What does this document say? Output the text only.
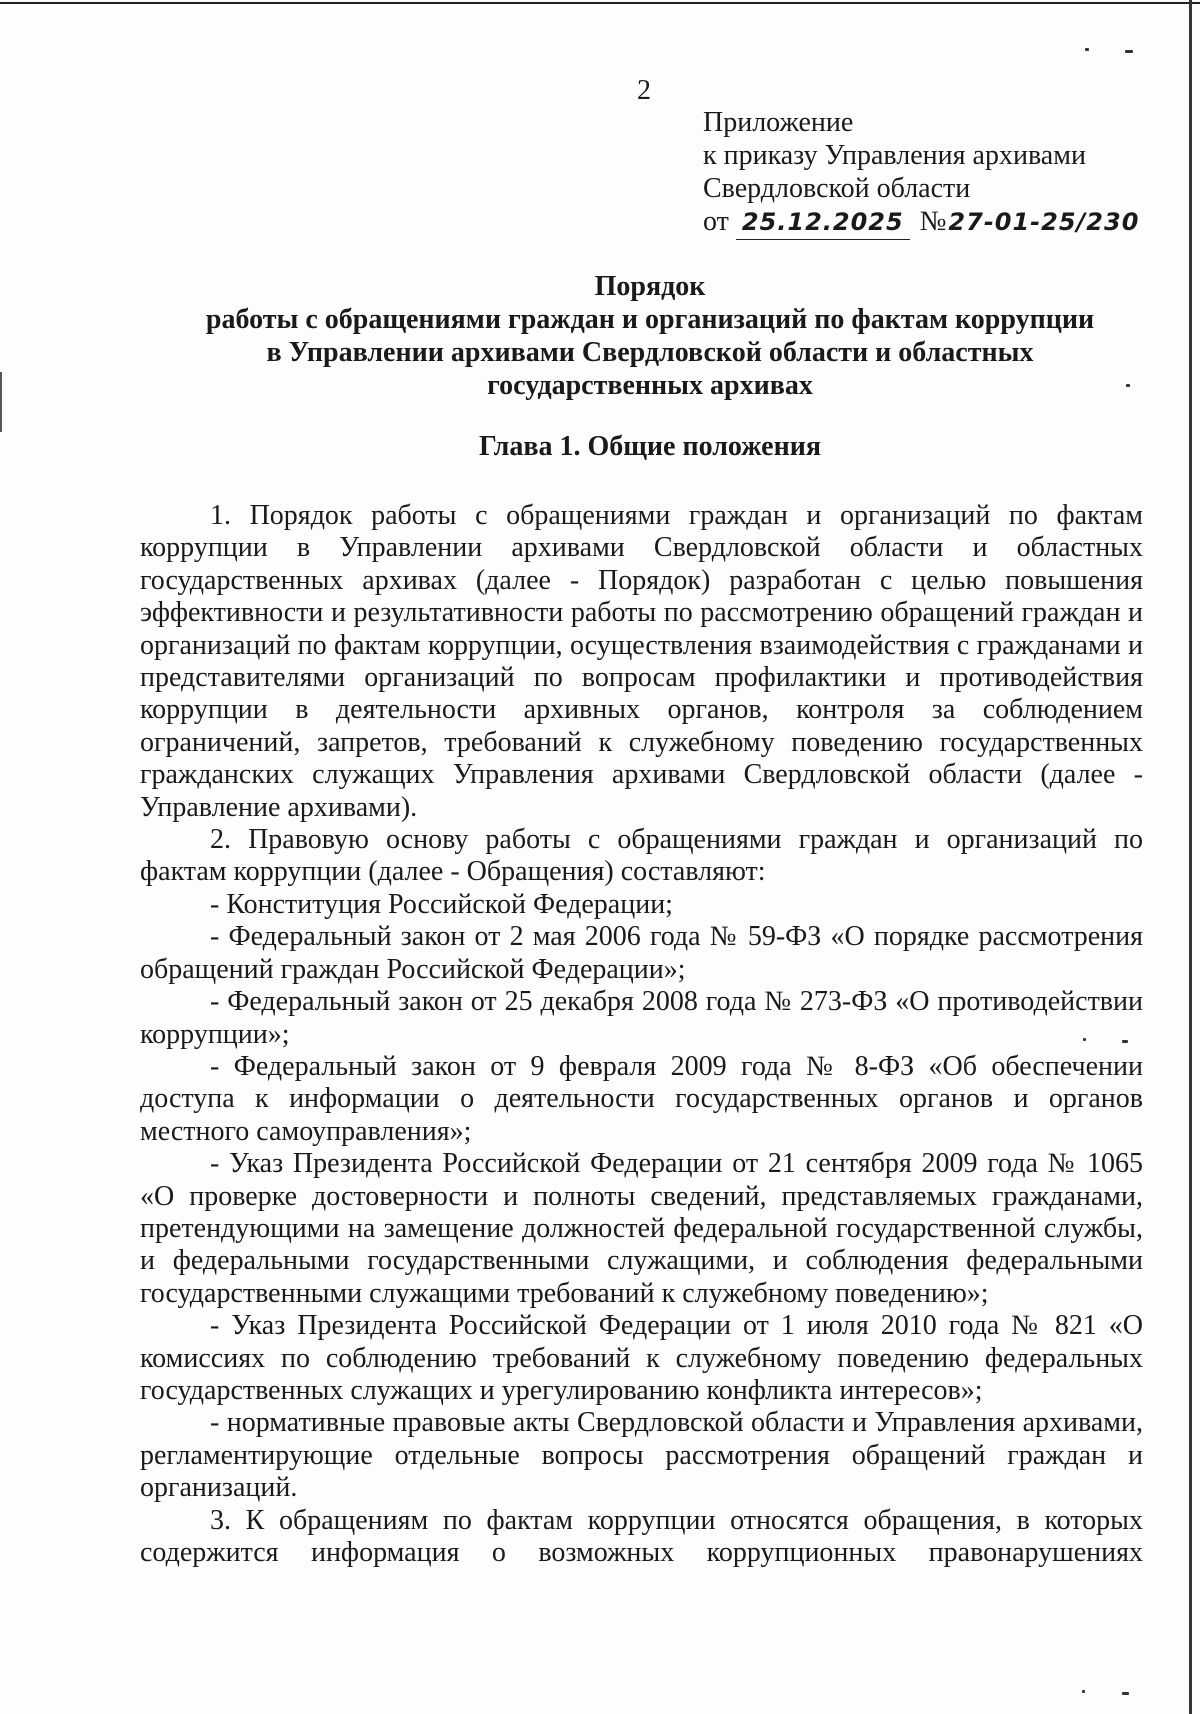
2
Приложение
к приказу Управления архивами
Свердловской области
от 25.12.2025 №27-01-25/230
Порядок
работы с обращениями граждан и организаций по фактам коррупции
в Управлении архивами Свердловской области и областных
государственных архивах
Глава 1. Общие положения

1. Порядок работы с обращениями граждан и организаций по фактам коррупции в Управлении архивами Свердловской области и областных государственных архивах (далее - Порядок) разработан с целью повышения эффективности и результативности работы по рассмотрению обращений граждан и организаций по фактам коррупции, осуществления взаимодействия с гражданами и представителями организаций по вопросам профилактики и противодействия коррупции в деятельности архивных органов, контроля за соблюдением ограничений, запретов, требований к служебному поведению государственных гражданских служащих Управления архивами Свердловской области (далее - Управление архивами).

2. Правовую основу работы с обращениями граждан и организаций по фактам коррупции (далее - Обращения) составляют:

- Конституция Российской Федерации;

- Федеральный закон от 2 мая 2006 года № 59-ФЗ «О порядке рассмотрения обращений граждан Российской Федерации»;

- Федеральный закон от 25 декабря 2008 года № 273-ФЗ «О противодействии коррупции»;

- Федеральный закон от 9 февраля 2009 года № 8-ФЗ «Об обеспечении доступа к информации о деятельности государственных органов и органов местного самоуправления»;

- Указ Президента Российской Федерации от 21 сентября 2009 года № 1065 «О проверке достоверности и полноты сведений, представляемых гражданами, претендующими на замещение должностей федеральной государственной службы, и федеральными государственными служащими, и соблюдения федеральными государственными служащими требований к служебному поведению»;

- Указ Президента Российской Федерации от 1 июля 2010 года № 821 «О комиссиях по соблюдению требований к служебному поведению федеральных государственных служащих и урегулированию конфликта интересов»;

- нормативные правовые акты Свердловской области и Управления архивами, регламентирующие отдельные вопросы рассмотрения обращений граждан и организаций.

3. К обращениям по фактам коррупции относятся обращения, в которых содержится информация о возможных коррупционных правонарушениях
